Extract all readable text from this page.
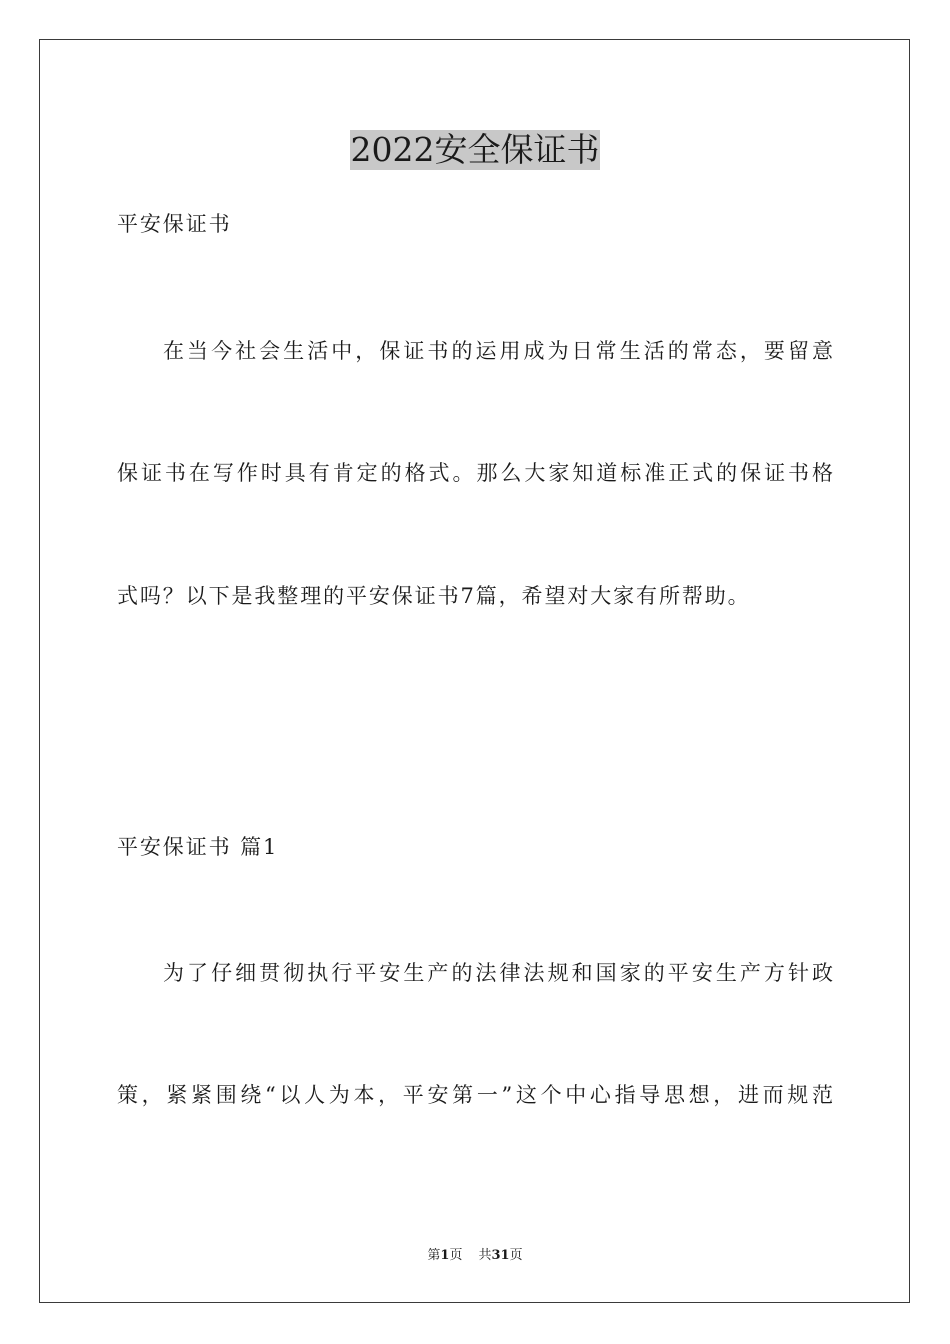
2022安全保证书

平安保证书

在当今社会生活中，保证书的运用成为日常生活的常态，要留意

保证书在写作时具有肯定的格式。那么大家知道标准正式的保证书格

式吗？以下是我整理的平安保证书7篇，希望对大家有所帮助。

平安保证书 篇1

为了仔细贯彻执行平安生产的法律法规和国家的平安生产方针政

策，紧紧围绕“以人为本，平安第一”这个中心指导思想，进而规范

第1页 共31页
